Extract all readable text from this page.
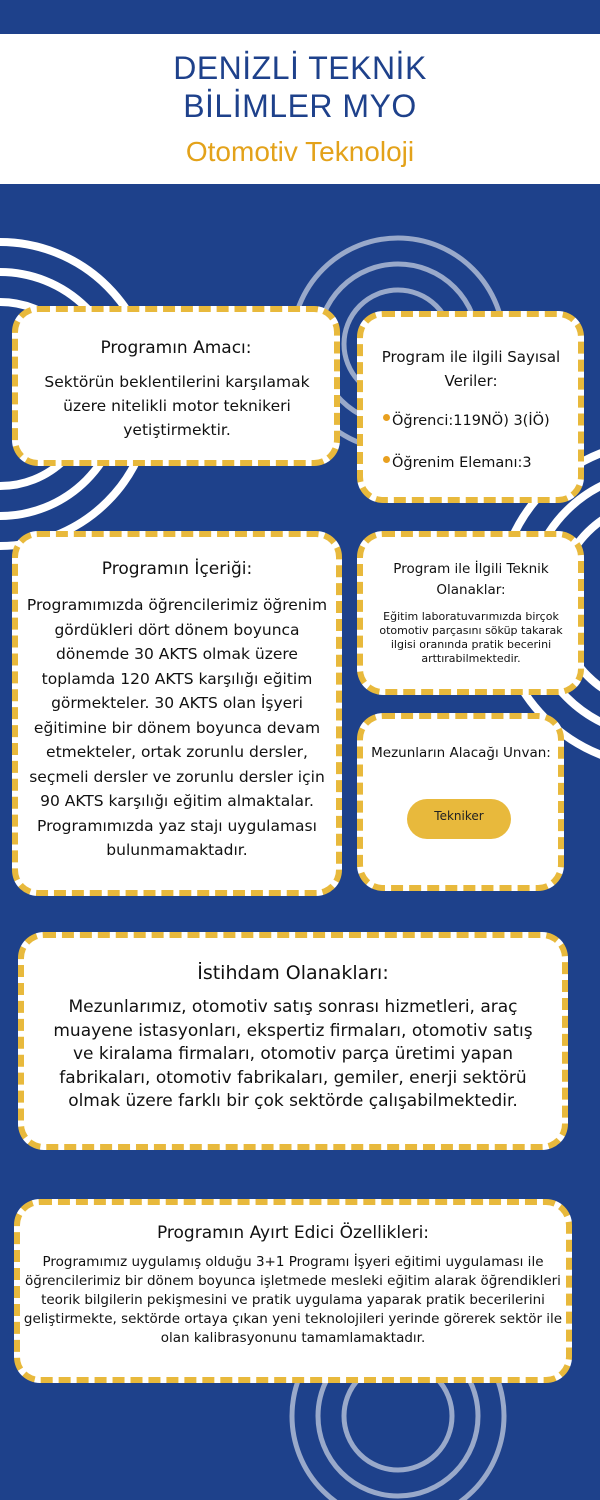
DENİZLİ TEKNİK
BİLİMLER MYO
Otomotiv Teknoloji
Programın Amacı:
Sektörün beklentilerini karşılamak üzere nitelikli motor teknikeri yetiştirmektir.
Program ile ilgili Sayısal Veriler:
Öğrenci:119NÖ) 3(İÖ)
Öğrenim Elemanı:3
Programın İçeriği:
Programımızda öğrencilerimiz öğrenim gördükleri dört dönem boyunca dönemde 30 AKTS olmak üzere toplamda 120 AKTS karşılığı eğitim görmekteler. 30 AKTS olan İşyeri eğitimine bir dönem boyunca devam etmekteler, ortak zorunlu dersler, seçmeli dersler ve zorunlu dersler için 90 AKTS karşılığı eğitim almaktalar. Programımızda yaz stajı uygulaması bulunmamaktadır.
Program ile İlgili Teknik Olanaklar:
Eğitim laboratuvarımızda birçok otomotiv parçasını söküp takarak ilgisi oranında pratik becerini arttırabilmektedir.
Mezunların Alacağı Unvan:
Tekniker
İstihdam Olanakları:
Mezunlarımız, otomotiv satış sonrası hizmetleri, araç muayene istasyonları, ekspertiz firmaları, otomotiv satış ve kiralama firmaları, otomotiv parça üretimi yapan fabrikaları, otomotiv fabrikaları, gemiler, enerji sektörü olmak üzere farklı bir çok sektörde çalışabilmektedir.
Programın Ayırt Edici Özellikleri:
Programımız uygulamış olduğu 3+1 Programı İşyeri eğitimi uygulaması ile öğrencilerimiz bir dönem boyunca işletmede mesleki eğitim alarak öğrendikleri teorik bilgilerin pekişmesini ve pratik uygulama yaparak pratik becerilerini geliştirmekte, sektörde ortaya çıkan yeni teknolojileri yerinde görerek sektör ile olan kalibrasyonunu tamamlamaktadır.
